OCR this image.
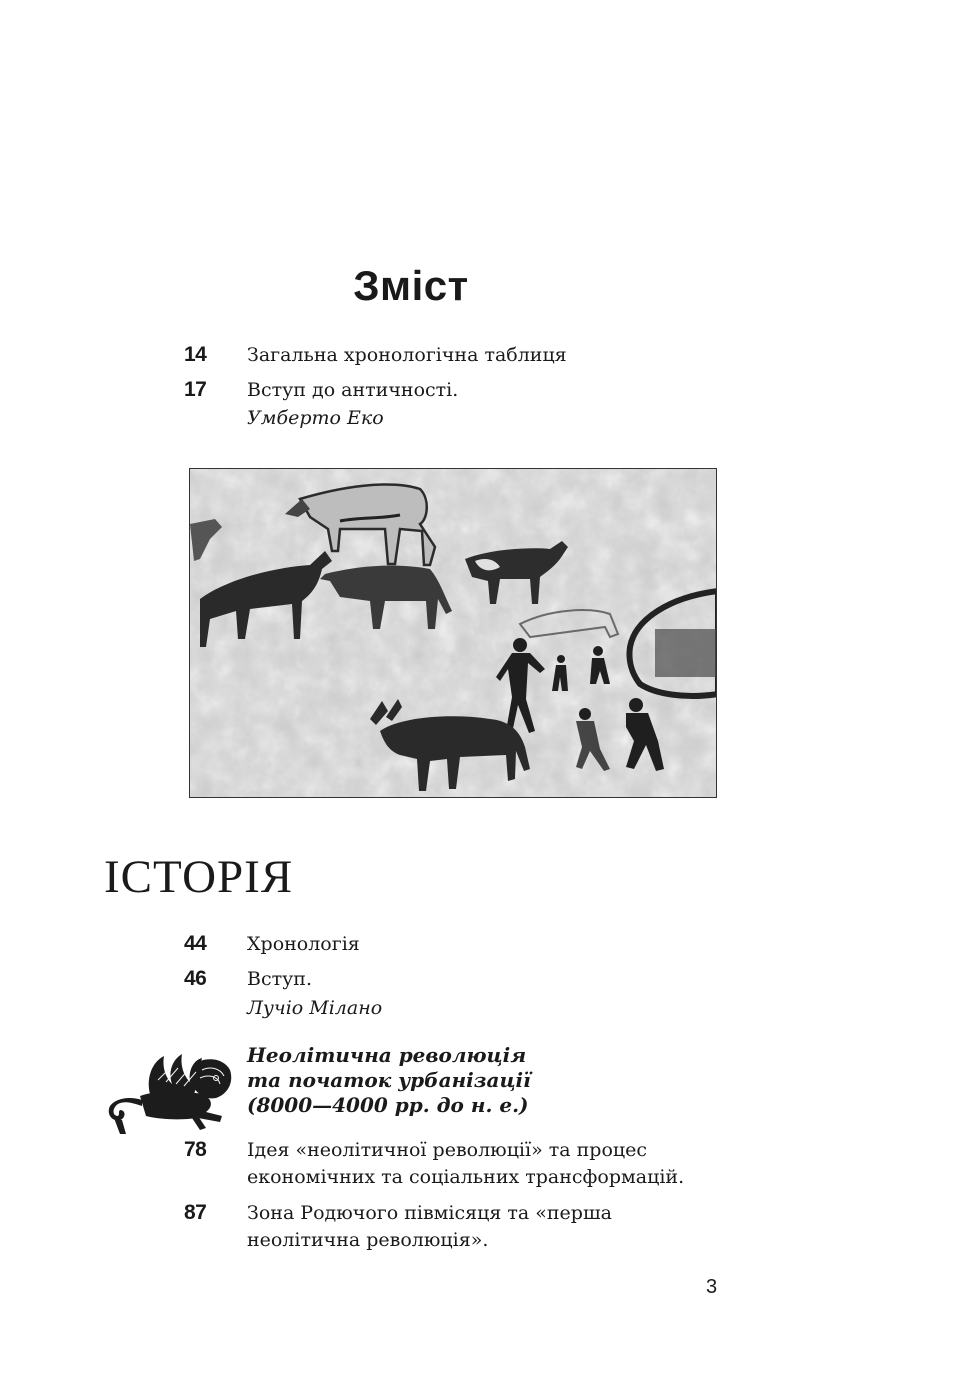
Зміст
14 Загальна хронологічна таблиця
17 Вступ до античності.
Умберто Еко
ІСТОРІЯ
44 Хронологія
46 Вступ.
Лучіо Мілано
Неолітична революція
та початок урбанізації
(8000—4000 рр. до н. е.)
78 Ідея «неолітичної революції» та процес
економічних та соціальних трансформацій.
87 Зона Родючого півмісяця та «перша
неолітична революція».
3
